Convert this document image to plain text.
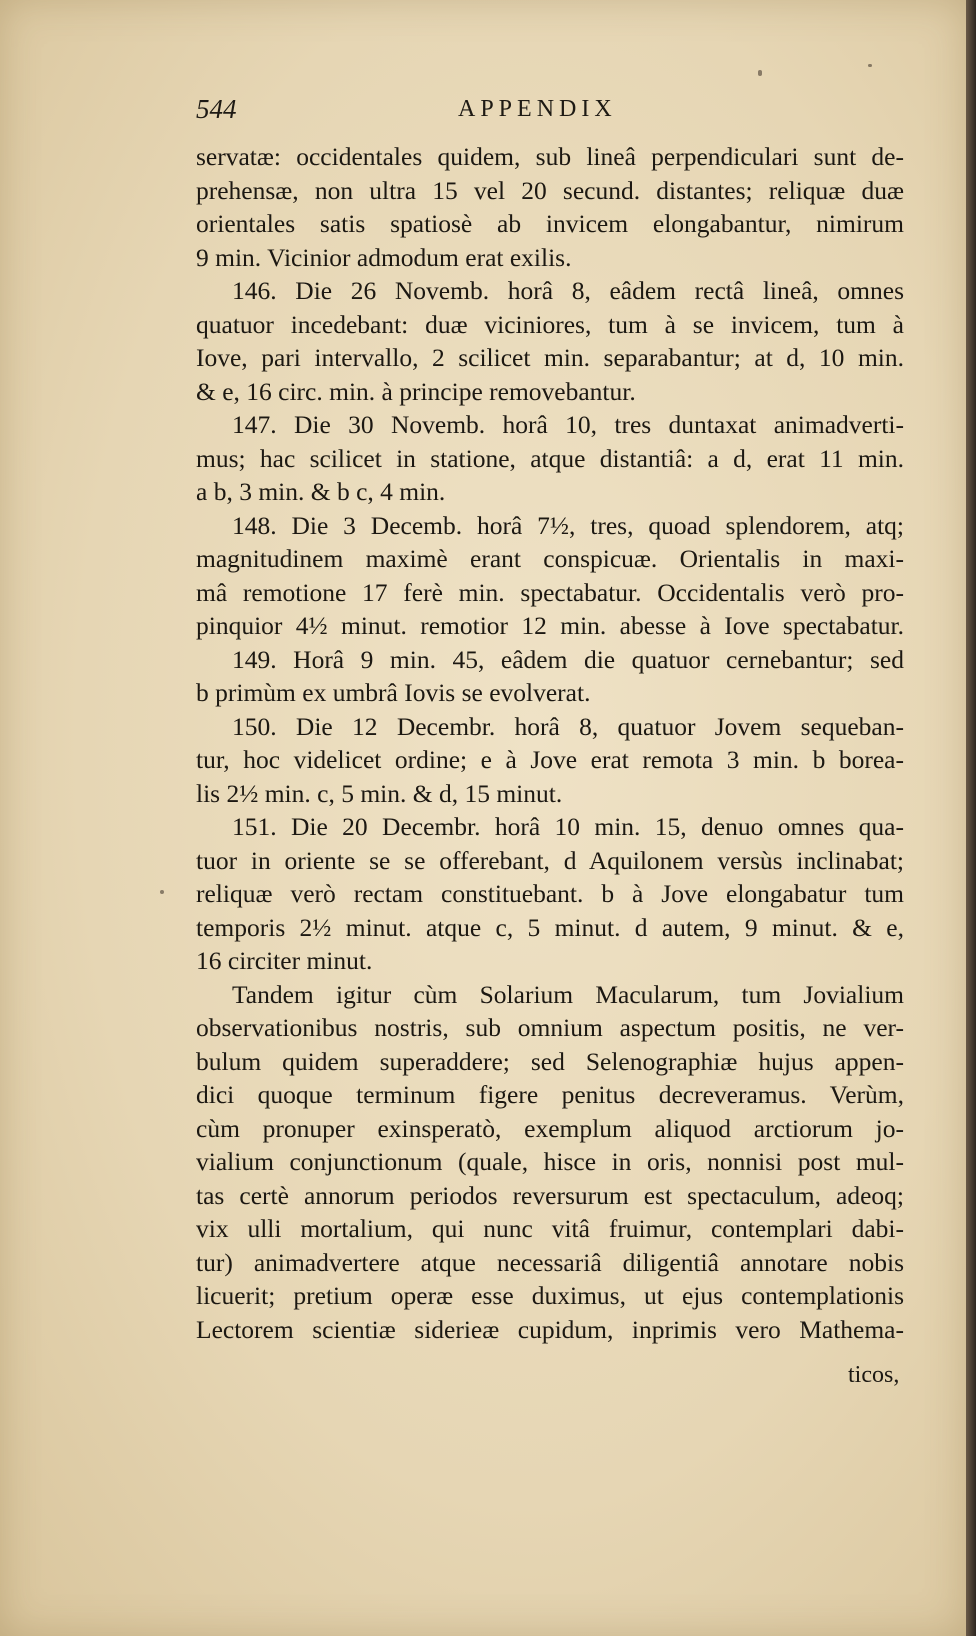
544	APPENDIX
servatæ: occidentales quidem, sub lineâ perpendiculari sunt de-
prehensæ, non ultra 15 vel 20 secund. distantes; reliquæ duæ
orientales satis spatiosè ab invicem elongabantur, nimirum
9 min. Vicinior admodum erat exilis.
146. Die 26 Novemb. horâ 8, eâdem rectâ lineâ, omnes
quatuor incedebant: duæ viciniores, tum à se invicem, tum à
Iove, pari intervallo, 2 scilicet min. separabantur; at d, 10 min.
& e, 16 circ. min. à principe removebantur.
147. Die 30 Novemb. horâ 10, tres duntaxat animadverti-
mus; hac scilicet in statione, atque distantiâ: a d, erat 11 min.
a b, 3 min. & b c, 4 min.
148. Die 3 Decemb. horâ 7½, tres, quoad splendorem, atq;
magnitudinem maximè erant conspicuæ. Orientalis in maxi-
mâ remotione 17 ferè min. spectabatur. Occidentalis verò pro-
pinquior 4½ minut. remotior 12 min. abesse à Iove spectabatur.
149. Horâ 9 min. 45, eâdem die quatuor cernebantur; sed
b primùm ex umbrâ Iovis se evolverat.
150. Die 12 Decembr. horâ 8, quatuor Jovem sequeban-
tur, hoc videlicet ordine; e à Jove erat remota 3 min. b borea-
lis 2½ min. c, 5 min. & d, 15 minut.
151. Die 20 Decembr. horâ 10 min. 15, denuo omnes qua-
tuor in oriente se se offerebant, d Aquilonem versùs inclinabat;
reliquæ verò rectam constituebant. b à Jove elongabatur tum
temporis 2½ minut. atque c, 5 minut. d autem, 9 minut. & e,
16 circiter minut.
Tandem igitur cùm Solarium Macularum, tum Jovialium
observationibus nostris, sub omnium aspectum positis, ne ver-
bulum quidem superaddere; sed Selenographiæ hujus appen-
dici quoque terminum figere penitus decreveramus. Verùm,
cùm pronuper exinsperatò, exemplum aliquod arctiorum jo-
vialium conjunctionum (quale, hisce in oris, nonnisi post mul-
tas certè annorum periodos reversurum est spectaculum, adeoq;
vix ulli mortalium, qui nunc vitâ fruimur, contemplari dabi-
tur) animadvertere atque necessariâ diligentiâ annotare nobis
licuerit; pretium operæ esse duximus, ut ejus contemplationis
Lectorem scientiæ siderieæ cupidum, inprimis vero Mathema-
ticos,
